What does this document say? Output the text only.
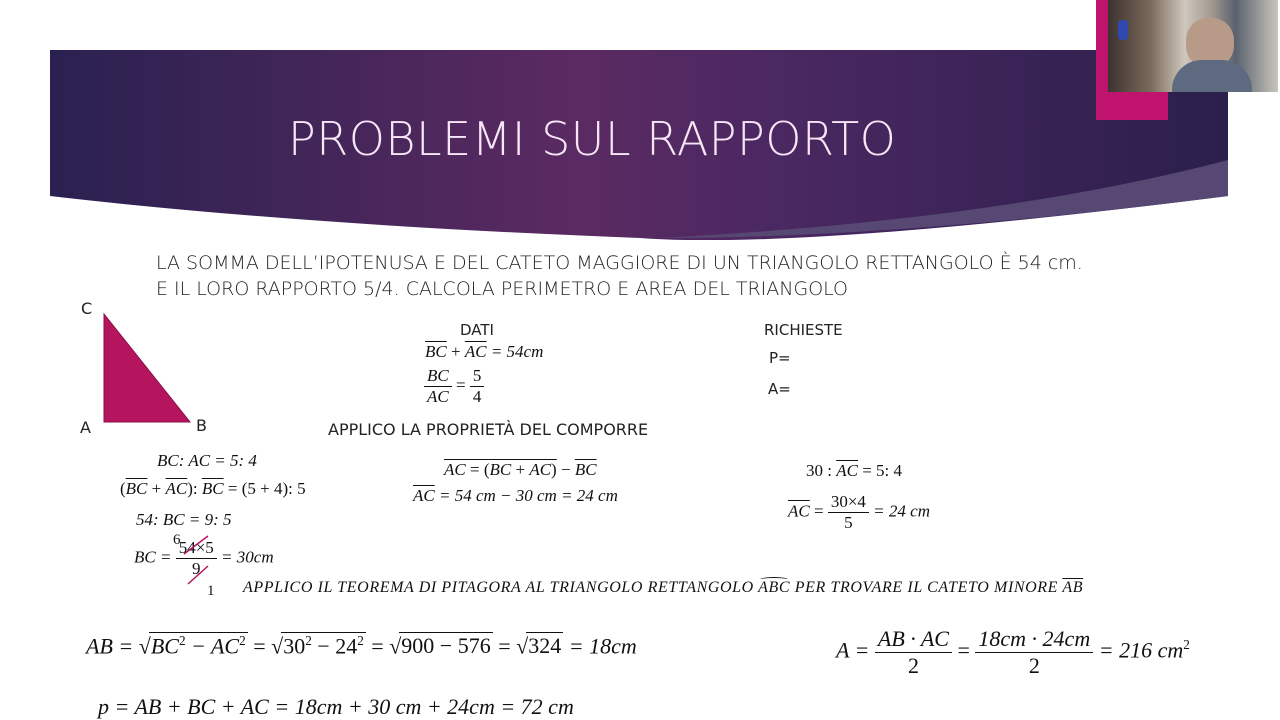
PROBLEMI SUL RAPPORTO
LA SOMMA DELL’IPOTENUSA E DEL CATETO MAGGIORE DI UN TRIANGOLO RETTANGOLO È 54 cm.
E IL LORO RAPPORTO 5/4. CALCOLA PERIMETRO E AREA DEL TRIANGOLO
C
A	B
DATI
$\overline{BC} + \overline{AC} = 54cm$
$\frac{BC}{AC} = \frac{5}{4}$
RICHIESTE
P=
A=
APPLICO LA PROPRIETÀ DEL COMPORRE
BC: AC = 5: 4
$(\overline{BC} + \overline{AC})$: $\overline{BC} = (5 + 4)$: 5
54: BC = 9: 5
BC = $\frac{54\times 5}{9} = 30cm$
6
1
AC = $(BC + AC) - \overline{BC}$
$\overline{AC} = 54$ cm − 30 cm = 24 cm
30 : $\overline{AC} = 5$: 4
$\overline{AC} = \frac{30\times 4}{5} = 24$ cm
APPLICO IL TEOREMA DI PITAGORA AL TRIANGOLO RETTANGOLO ABC
PER TROVARE IL CATETO MINORE $\overline{AB}$
AB = $√BC^2 - AC^2 = √30^2 - 24^2 = √900 - 576 = √324 = 18cm$	$A = \frac{AB \cdot AC}{2} = \frac{18cm \cdot 24cm}{2} = 216$ $cm^2$
p = AB + BC + AC = 18cm + 30 cm + 24cm = 72 cm
